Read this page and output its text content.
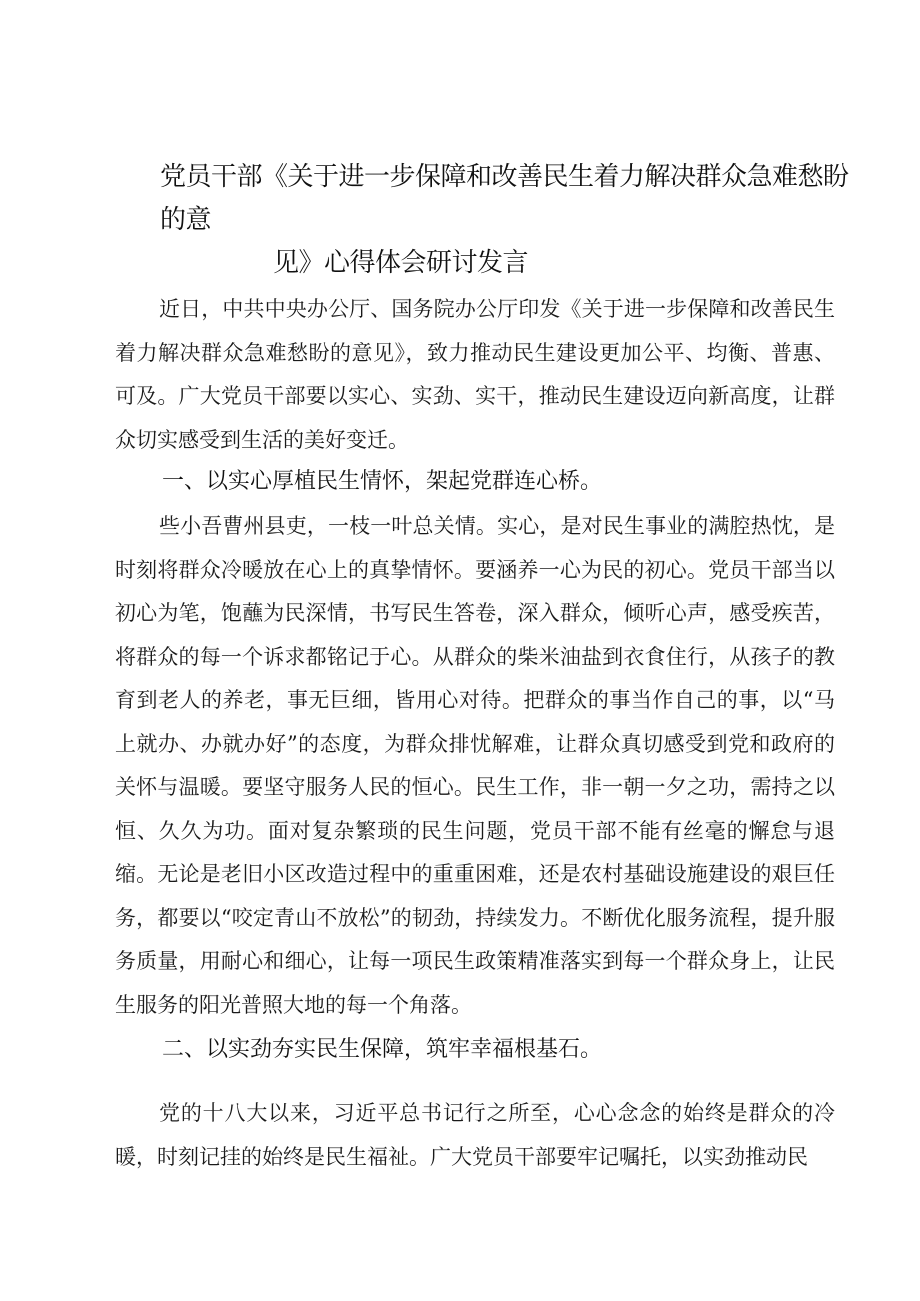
党员干部《关于进一步保障和改善民生着力解决群众急难愁盼的意
见》心得体会研讨发言

近日，中共中央办公厅、国务院办公厅印发《关于进一步保障和改善民生着力解决群众急难愁盼的意见》，致力推动民生建设更加公平、均衡、普惠、可及。广大党员干部要以实心、实劲、实干，推动民生建设迈向新高度，让群众切实感受到生活的美好变迁。

一、以实心厚植民生情怀，架起党群连心桥。

些小吾曹州县吏，一枝一叶总关情。实心，是对民生事业的满腔热忱，是时刻将群众冷暖放在心上的真挚情怀。要涵养一心为民的初心。党员干部当以初心为笔，饱蘸为民深情，书写民生答卷，深入群众，倾听心声，感受疾苦，将群众的每一个诉求都铭记于心。从群众的柴米油盐到衣食住行，从孩子的教育到老人的养老，事无巨细，皆用心对待。把群众的事当作自己的事，以“马上就办、办就办好”的态度，为群众排忧解难，让群众真切感受到党和政府的关怀与温暖。要坚守服务人民的恒心。民生工作，非一朝一夕之功，需持之以恒、久久为功。面对复杂繁琐的民生问题，党员干部不能有丝毫的懈怠与退缩。无论是老旧小区改造过程中的重重困难，还是农村基础设施建设的艰巨任务，都要以“咬定青山不放松”的韧劲，持续发力。不断优化服务流程，提升服务质量，用耐心和细心，让每一项民生政策精准落实到每一个群众身上，让民生服务的阳光普照大地的每一个角落。

二、以实劲夯实民生保障，筑牢幸福根基石。

党的十八大以来，习近平总书记行之所至，心心念念的始终是群众的冷暖，时刻记挂的始终是民生福祉。广大党员干部要牢记嘱托，以实劲推动民
